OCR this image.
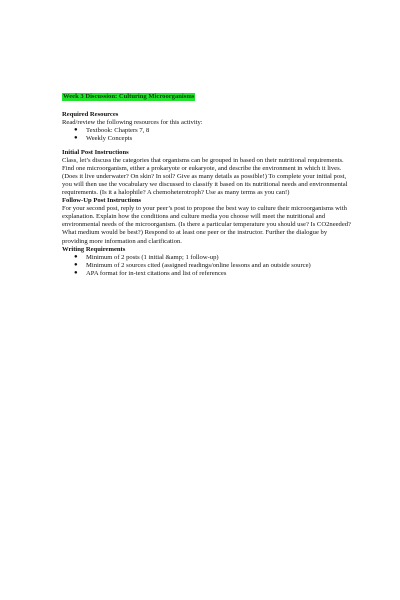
Week 3 Discussion: Culturing Microorganisms
Required Resources
Read/review the following resources for this activity:
● Textbook: Chapters 7, 8
● Weekly Concepts
Initial Post Instructions
Class, let’s discuss the categories that organisms can be grouped in based on their nutritional requirements.
Find one microorganism, either a prokaryote or eukaryote, and describe the environment in which it lives. (Does it live underwater? On skin? In soil? Give as many details as possible!) To complete your initial post, you will then use the vocabulary we discussed to classify it based on its nutritional needs and environmental requirements. (Is it a halophile? A chemoheterotroph? Use as many terms as you can!)
Follow-Up Post Instructions
For your second post, reply to your peer’s post to propose the best way to culture their microorganisms with explanation. Explain how the conditions and culture media you choose will meet the nutritional and environmental needs of the microorganism. (Is there a particular temperature you should use? Is CO2needed? What medium would be best?) Respond to at least one peer or the instructor. Further the dialogue by providing more information and clarification.
Writing Requirements
● Minimum of 2 posts (1 initial &amp; 1 follow-up)
● Minimum of 2 sources cited (assigned readings/online lessons and an outside source)
● APA format for in-text citations and list of references
